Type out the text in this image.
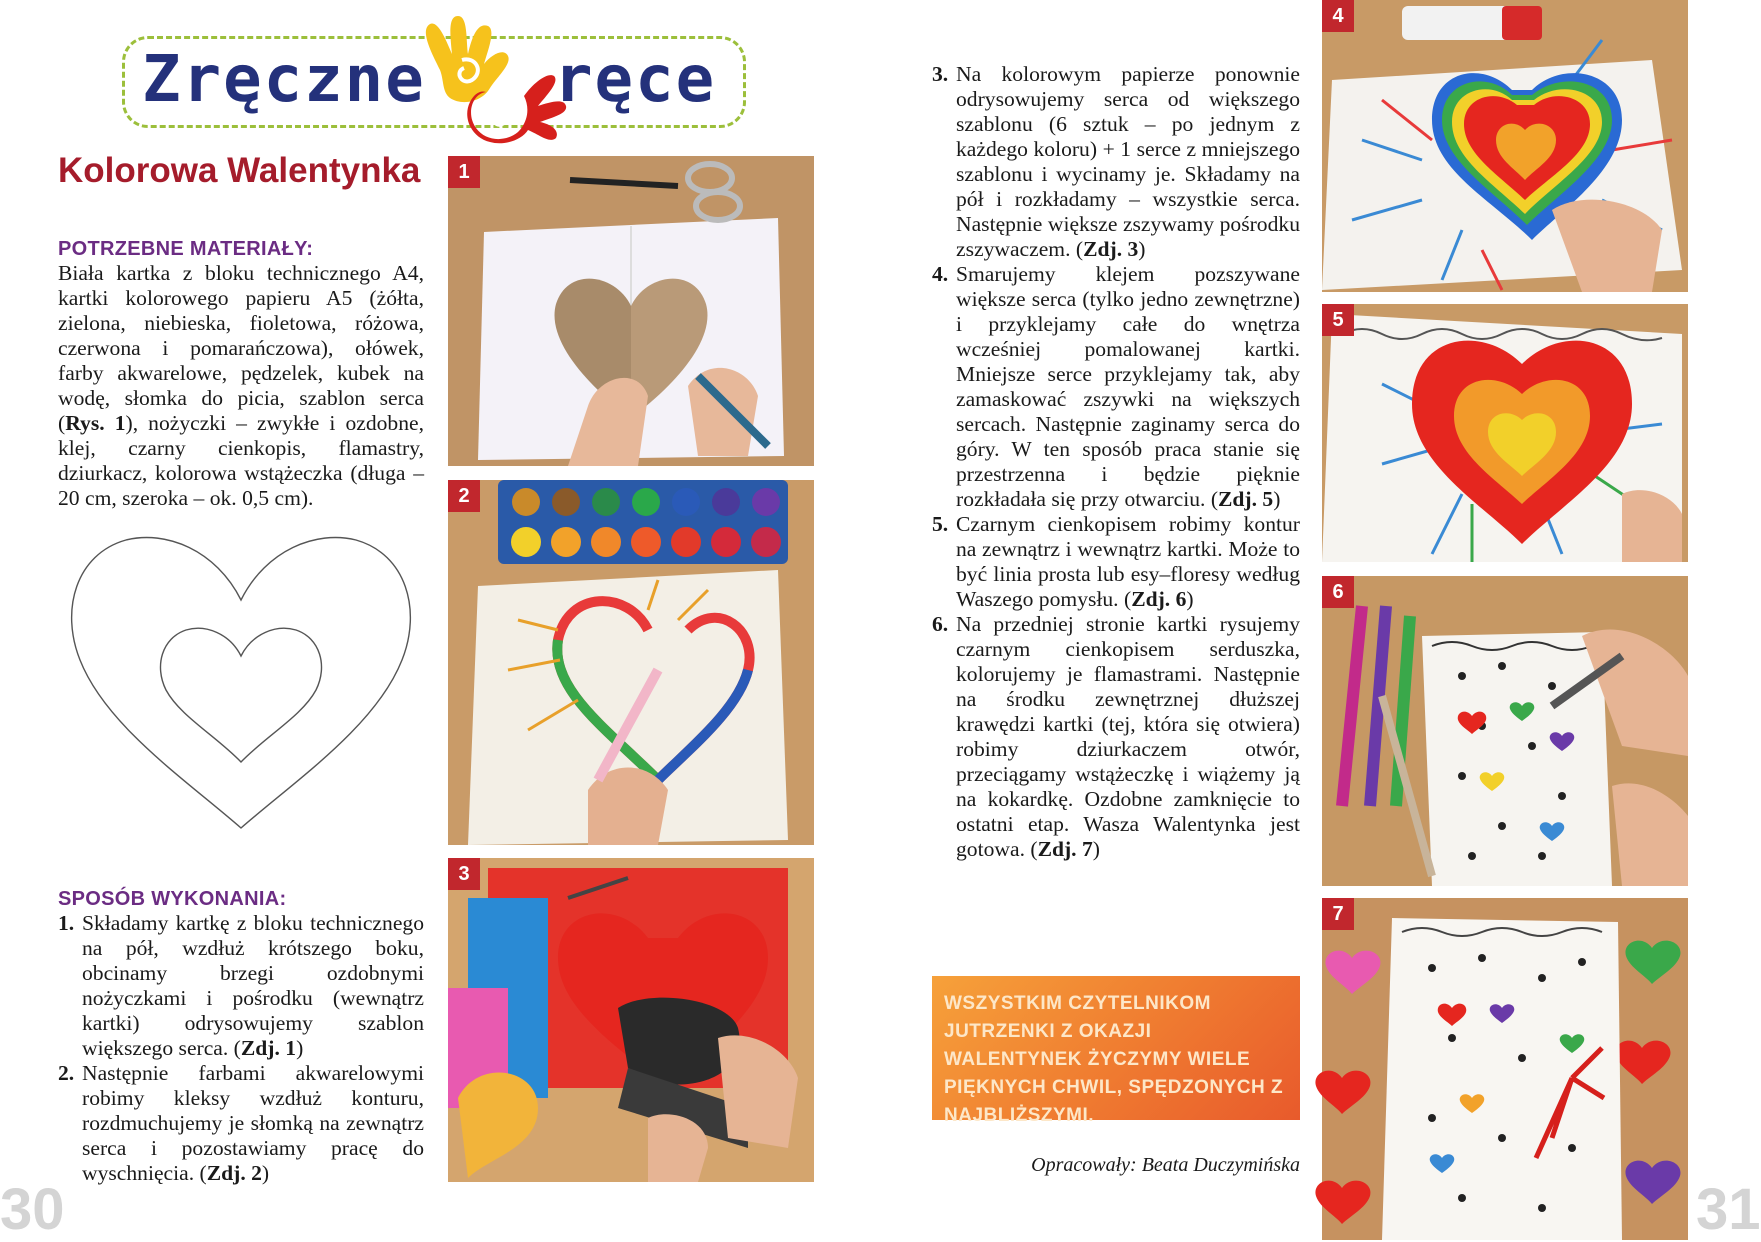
Zręczne ręce
Kolorowa Walentynka
POTRZEBNE MATERIAŁY:
Biała kartka z bloku technicznego A4, kartki kolorowego papieru A5 (żółta, zielona, niebieska, fioletowa, różowa, czerwona i pomarańczowa), ołówek, farby akwarelowe, pędzelek, kubek na wodę, słomka do picia, szablon serca (Rys. 1), nożyczki – zwykłe i ozdobne, klej, czarny cienkopis, flamastry, dziurkacz, kolorowa wstążeczka (długa – 20 cm, szeroka – ok. 0,5 cm).
SPOSÓB WYKONANIA:
1. Składamy kartkę z bloku technicznego na pół, wzdłuż krótszego boku, obcinamy brzegi ozdobnymi nożyczkami i pośrodku (wewnątrz kartki) odrysowujemy szablon większego serca. (Zdj. 1)
2. Następnie farbami akwarelowymi robimy kleksy wzdłuż konturu, rozdmuchujemy je słomką na zewnątrz serca i pozostawiamy pracę do wyschnięcia. (Zdj. 2)
3. Na kolorowym papierze ponownie odrysowujemy serca od większego szablonu (6 sztuk – po jednym z każdego koloru) + 1 serce z mniejszego szablonu i wycinamy je. Składamy na pół i rozkładamy – wszystkie serca. Następnie większe zszywamy pośrodku zszywaczem. (Zdj. 3)
4. Smarujemy klejem pozszywane większe serca (tylko jedno zewnętrzne) i przyklejamy całe do wnętrza wcześniej pomalowanej kartki. Mniejsze serce przyklejamy tak, aby zamaskować zszywki na większych sercach. Następnie zaginamy serca do góry. W ten sposób praca stanie się przestrzenna i będzie pięknie rozkładała się przy otwarciu. (Zdj. 5)
5. Czarnym cienkopisem robimy kontur na zewnątrz i wewnątrz kartki. Może to być linia prosta lub esy–floresy według Waszego pomysłu. (Zdj. 6)
6. Na przedniej stronie kartki rysujemy czarnym cienkopisem serduszka, kolorujemy je flamastrami. Następnie na środku zewnętrznej dłuższej krawędzi kartki (tej, która się otwiera) robimy dziurkaczem otwór, przeciągamy wstążeczkę i wiążemy ją na kokardkę. Ozdobne zamknięcie to ostatni etap. Wasza Walentynka jest gotowa. (Zdj. 7)
1
2
3
4
5
6
7
WSZYSTKIM CZYTELNIKOM JUTRZENKI Z OKAZJI WALENTYNEK ŻYCZYMY WIELE PIĘKNYCH CHWIL, SPĘDZONYCH Z NAJBLIŻSZYMI.
Opracowały: Beata Duczymińska
30	31
